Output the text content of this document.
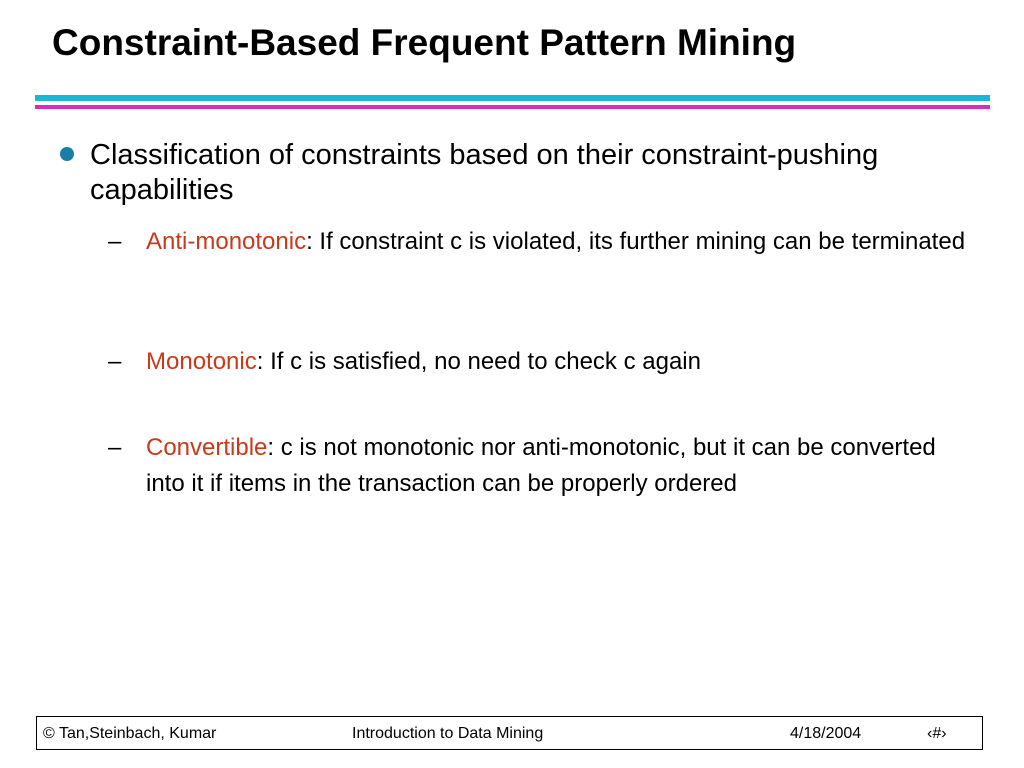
Constraint-Based Frequent Pattern Mining
Classification of constraints based on their constraint-pushing capabilities
– Anti-monotonic: If constraint c is violated, its further mining can be terminated
– Monotonic: If c is satisfied, no need to check c again
– Convertible: c is not monotonic nor anti-monotonic, but it can be converted into it if items in the transaction can be properly ordered
© Tan,Steinbach, Kumar	Introduction to Data Mining	4/18/2004	‹#›
